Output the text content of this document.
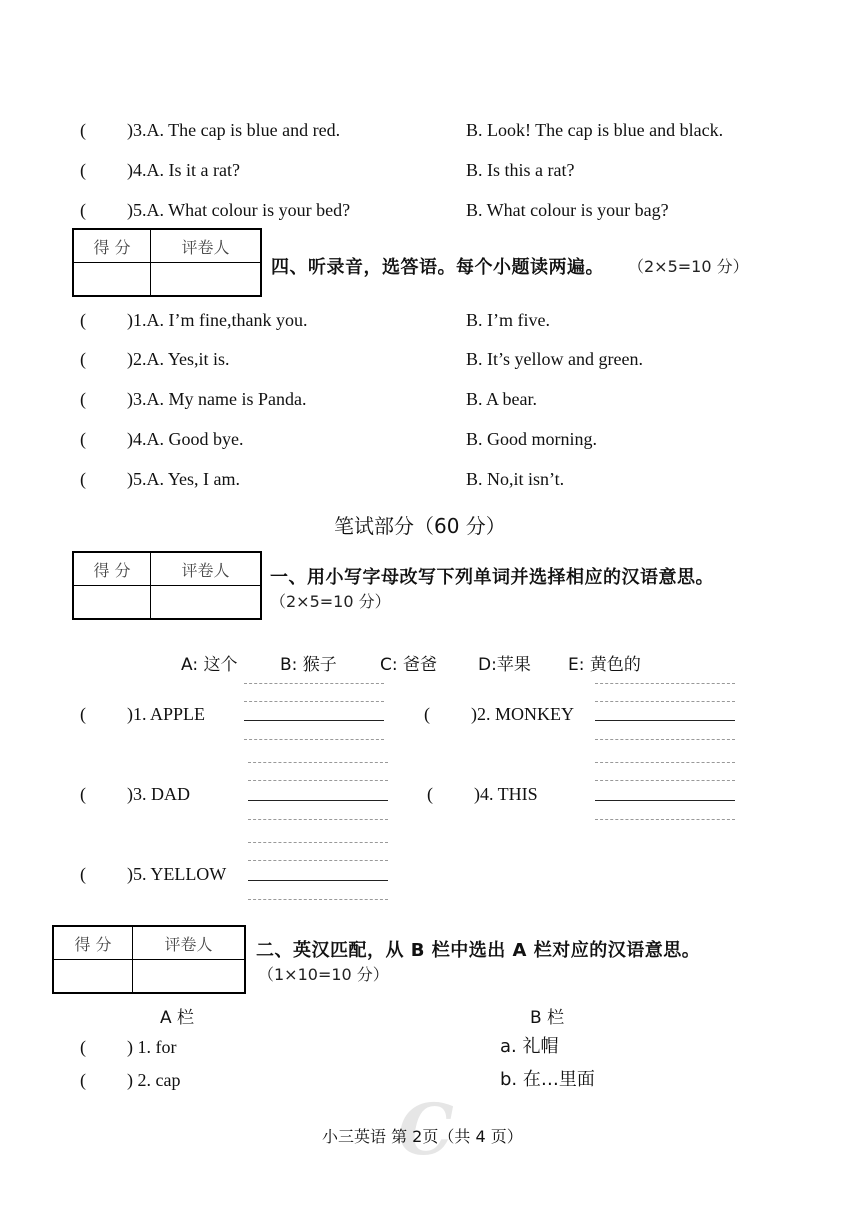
( )3.A. The cap is blue and red.	B. Look! The cap is blue and black.
( )4.A. Is it a rat?	B. Is this a rat?
( )5.A. What colour is your bed?	B. What colour is your bag?
得 分	评卷人

四、听录音，选答语。每个小题读两遍。 （2×5=10 分）
( )1.A. I’m fine,thank you.	B. I’m five.
( )2.A. Yes,it is.	B. It’s yellow and green.
( )3.A. My name is Panda.	B. A bear.
( )4.A. Good bye.	B. Good morning.
( )5.A. Yes, I am.	B. No,it isn’t.
笔试部分（60 分）
得 分	评卷人
	一、用小写字母改写下列单词并选择相应的汉语意思。
（2×5=10 分）
A: 这个	B: 猴子	C: 爸爸 D:苹果 E: 黄色的
( )1. APPLE	( )2. MONKEY
( )3. DAD	( )4. THIS
( )5. YELLOW
得 分	评卷人
	二、英汉匹配，从 B 栏中选出 A 栏对应的汉语意思。
（1×10=10 分）
A 栏	B 栏
( ) 1. for	a. 礼帽
( ) 2. cap	b. 在…里面
C
小三英语 第 2页（共 4 页）
